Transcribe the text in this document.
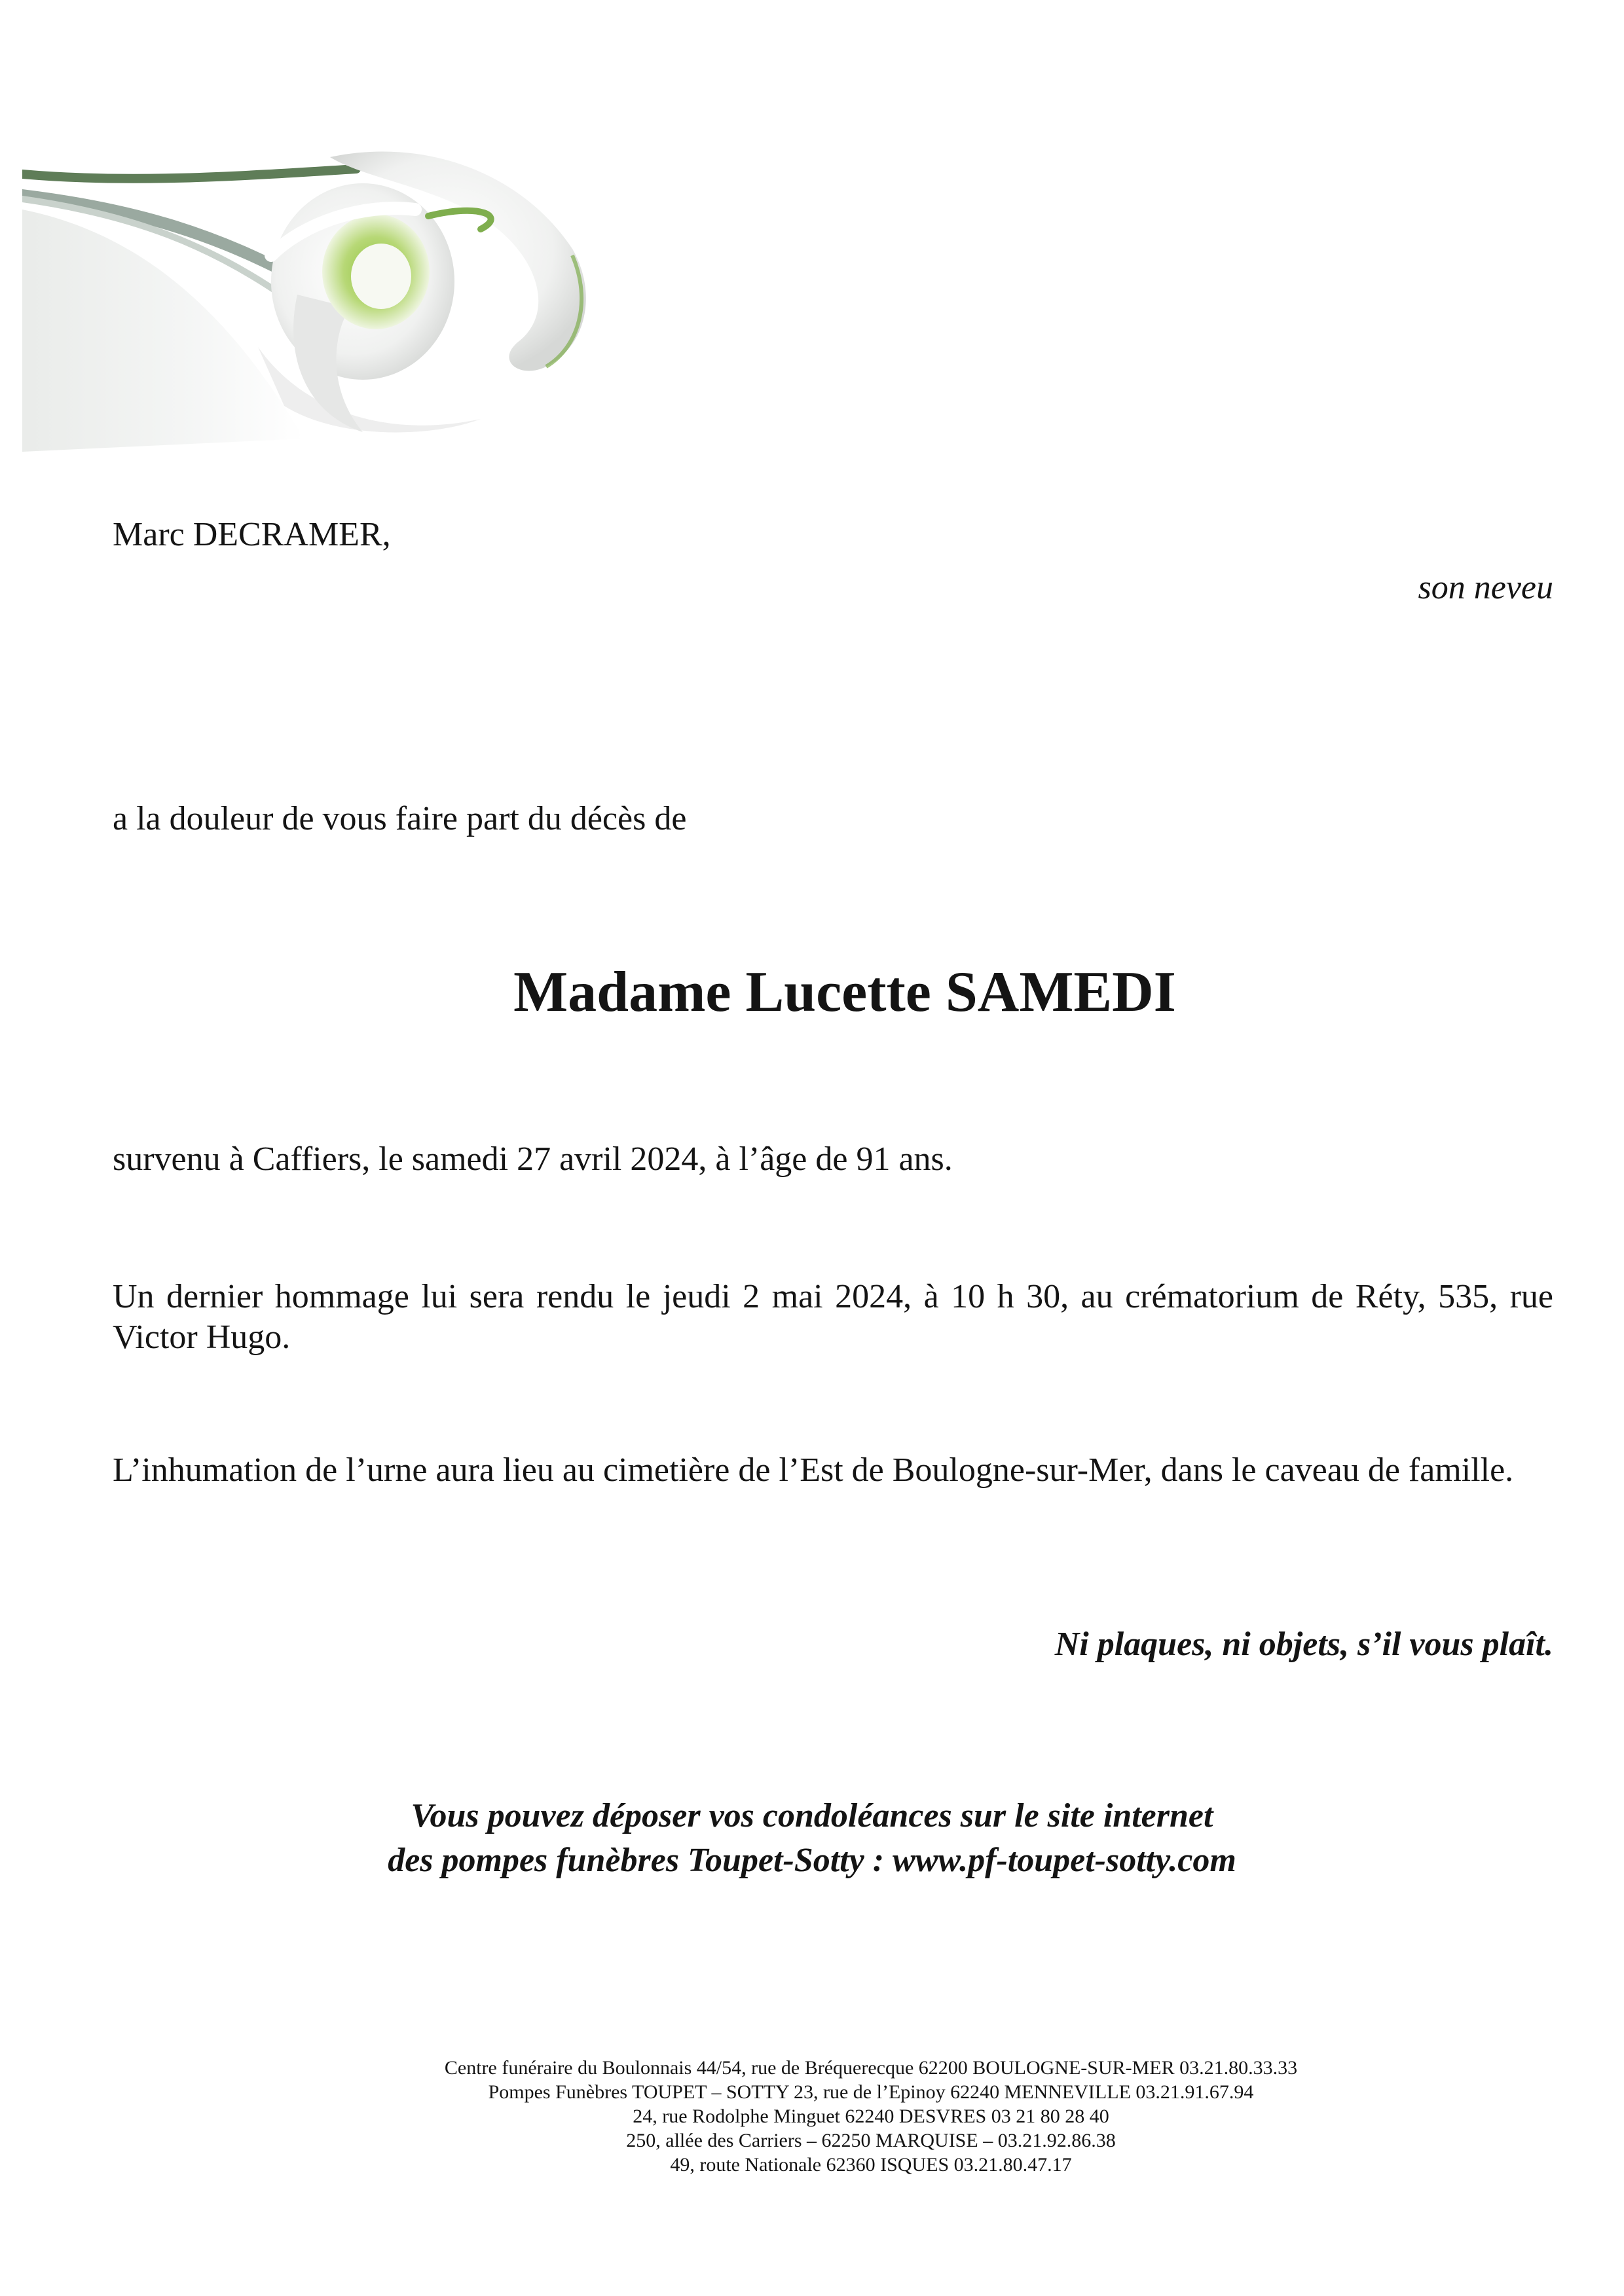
Marc DECRAMER,

son neveu

a la douleur de vous faire part du décès de

Madame Lucette SAMEDI

survenu à Caffiers, le samedi 27 avril 2024, à l’âge de 91 ans.

Un dernier hommage lui sera rendu le jeudi 2 mai 2024, à 10 h 30, au crématorium de Réty, 535, rue Victor Hugo.

L’inhumation de l’urne aura lieu au cimetière de l’Est de Boulogne-sur-Mer, dans le caveau de famille.

Ni plaques, ni objets, s’il vous plaît.

Vous pouvez déposer vos condoléances sur le site internet
des pompes funèbres Toupet-Sotty : www.pf-toupet-sotty.com

Centre funéraire du Boulonnais 44/54, rue de Bréquerecque 62200 BOULOGNE-SUR-MER 03.21.80.33.33
Pompes Funèbres TOUPET – SOTTY 23, rue de l’Epinoy 62240 MENNEVILLE 03.21.91.67.94
24, rue Rodolphe Minguet 62240 DESVRES 03 21 80 28 40
250, allée des Carriers – 62250 MARQUISE – 03.21.92.86.38
49, route Nationale 62360 ISQUES 03.21.80.47.17
